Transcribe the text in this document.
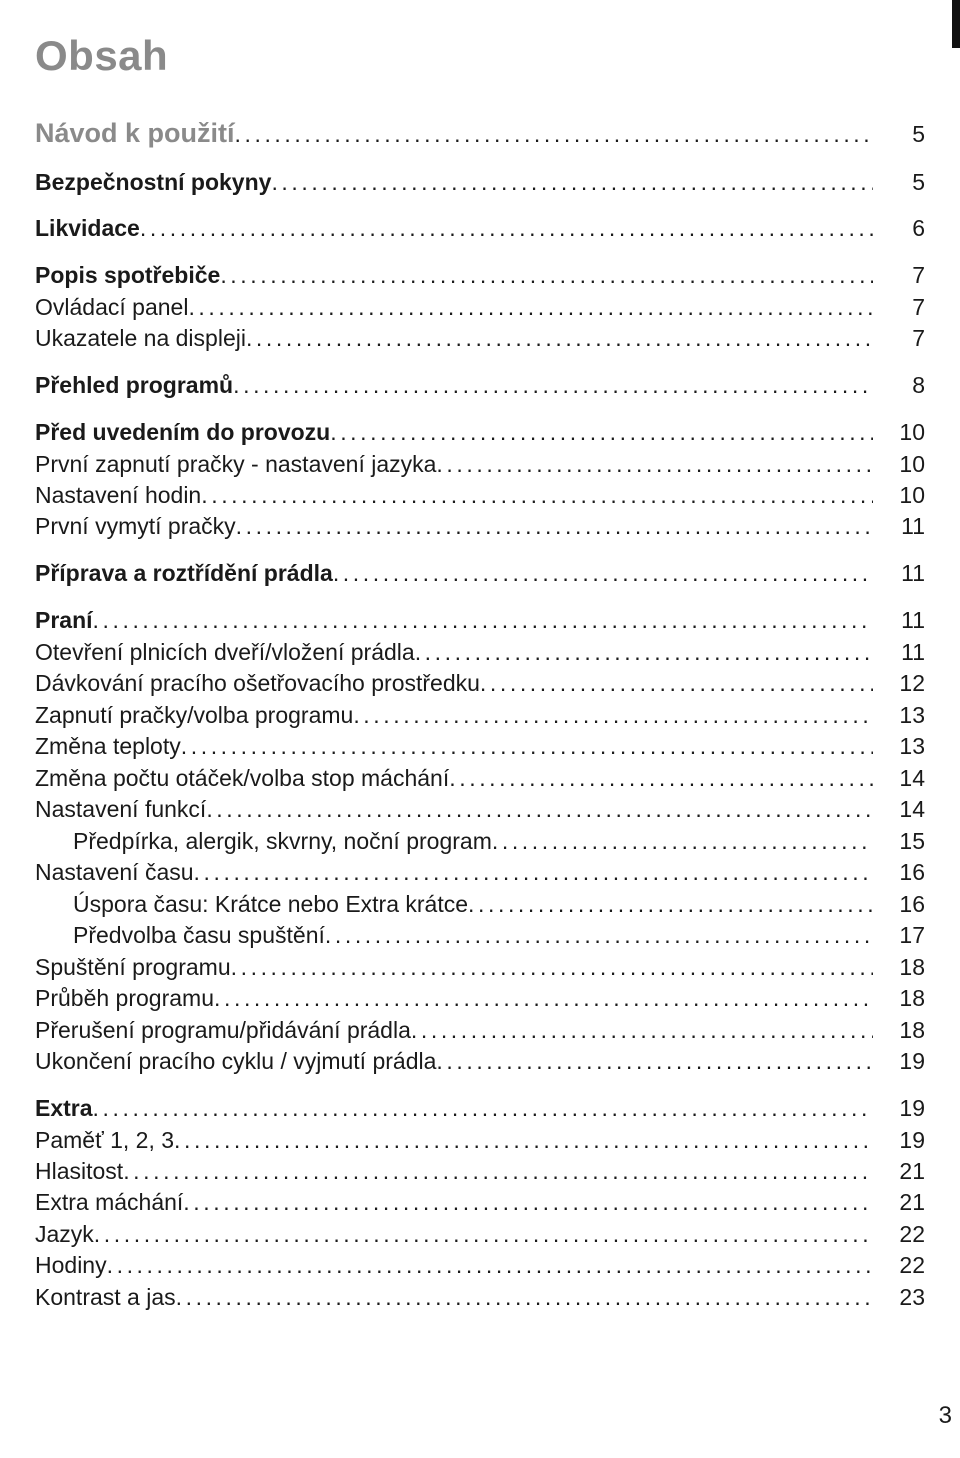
Obsah
Návod k použití . . .	5
Bezpečnostní pokyny . . .	5
Likvidace . . .	6
Popis spotřebiče . . .	7
Ovládací panel . . .	7
Ukazatele na displeji . . .	7
Přehled programů . . .	8
Před uvedením do provozu . . .	10
První zapnutí pračky - nastavení jazyka . . .	10
Nastavení hodin . . .	10
První vymytí pračky . . .	11
Příprava a roztřídění prádla . . .	11
Praní . . .	11
Otevření plnicích dveří/vložení prádla . . .	11
Dávkování pracího ošetřovacího prostředku . . .	12
Zapnutí pračky/volba programu . . .	13
Změna teploty . . .	13
Změna počtu otáček/volba stop máchání . . .	14
Nastavení funkcí . . .	14
Předpírka, alergik, skvrny, noční program . . .	15
Nastavení času . . .	16
Úspora času: Krátce nebo Extra krátce . . .	16
Předvolba času spuštění . . .	17
Spuštění programu . . .	18
Průběh programu . . .	18
Přerušení programu/přidávání prádla . . .	18
Ukončení pracího cyklu / vyjmutí prádla . . .	19
Extra . . .	19
Paměť 1, 2, 3 . . .	19
Hlasitost . . .	21
Extra máchání . . .	21
Jazyk . . .	22
Hodiny . . .	22
Kontrast a jas . . .	23
3
